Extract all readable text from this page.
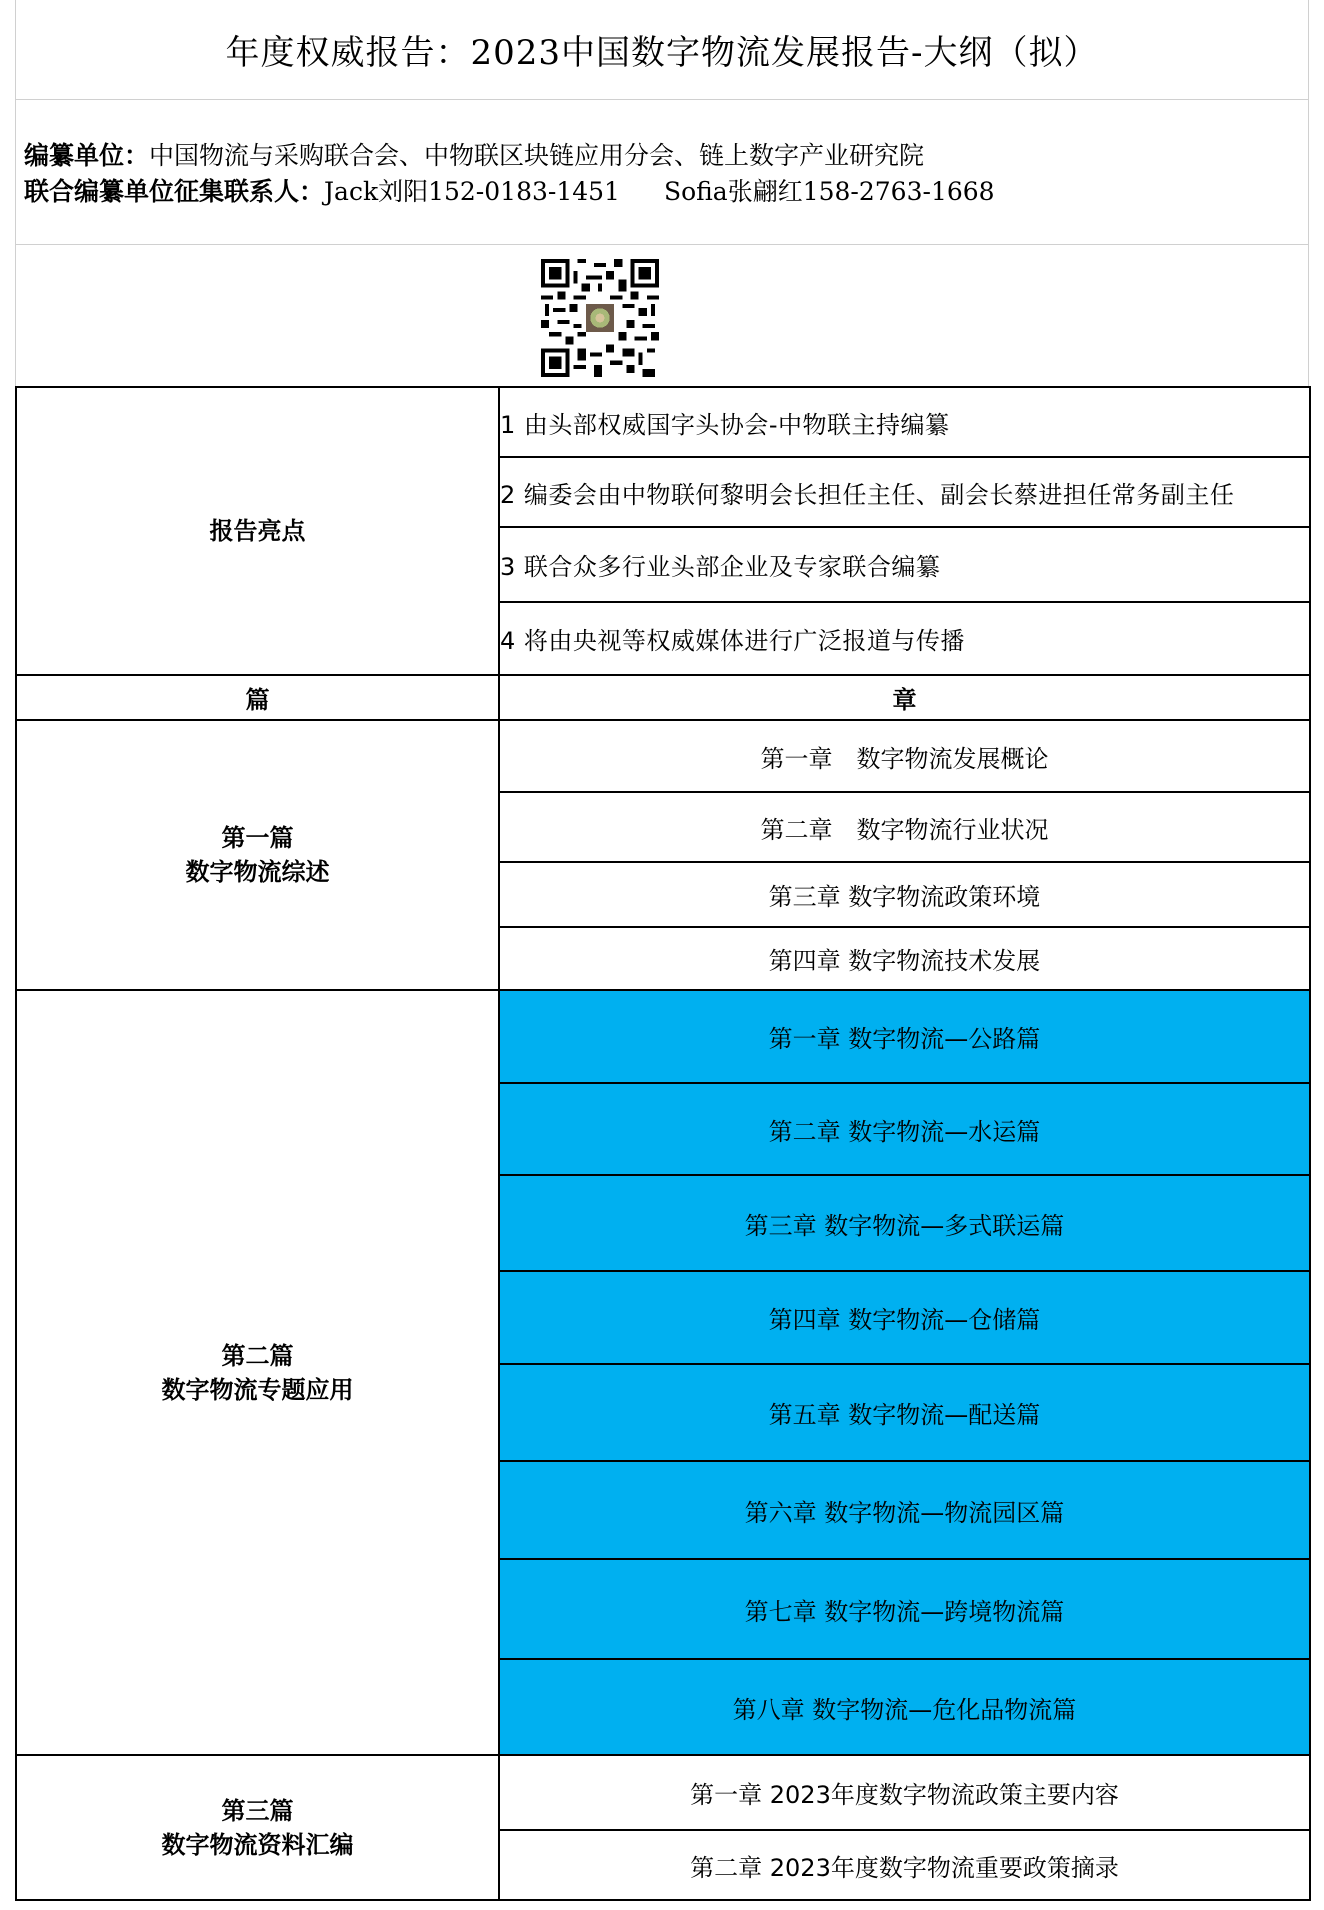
年度权威报告：2023中国数字物流发展报告-大纲（拟）
编纂单位：中国物流与采购联合会、中物联区块链应用分会、链上数字产业研究院
联合编纂单位征集联系人：Jack刘阳152-0183-1451 Sofia张翩红158-2763-1668
报告亮点	1 由头部权威国字头协会-中物联主持编纂
	2 编委会由中物联何黎明会长担任主任、副会长蔡进担任常务副主任
	3 联合众多行业头部企业及专家联合编纂
	4 将由央视等权威媒体进行广泛报道与传播
篇	章

第一篇
数字物流综述	第一章　数字物流发展概论
	第二章　数字物流行业状况
	第三章 数字物流政策环境
	第四章 数字物流技术发展

第二篇
数字物流专题应用	第一章 数字物流—公路篇
	第二章 数字物流—水运篇
	第三章 数字物流—多式联运篇
	第四章 数字物流—仓储篇
	第五章 数字物流—配送篇
	第六章 数字物流—物流园区篇
	第七章 数字物流—跨境物流篇
	第八章 数字物流—危化品物流篇

第三篇
数字物流资料汇编	第一章 2023年度数字物流政策主要内容
	第二章 2023年度数字物流重要政策摘录
